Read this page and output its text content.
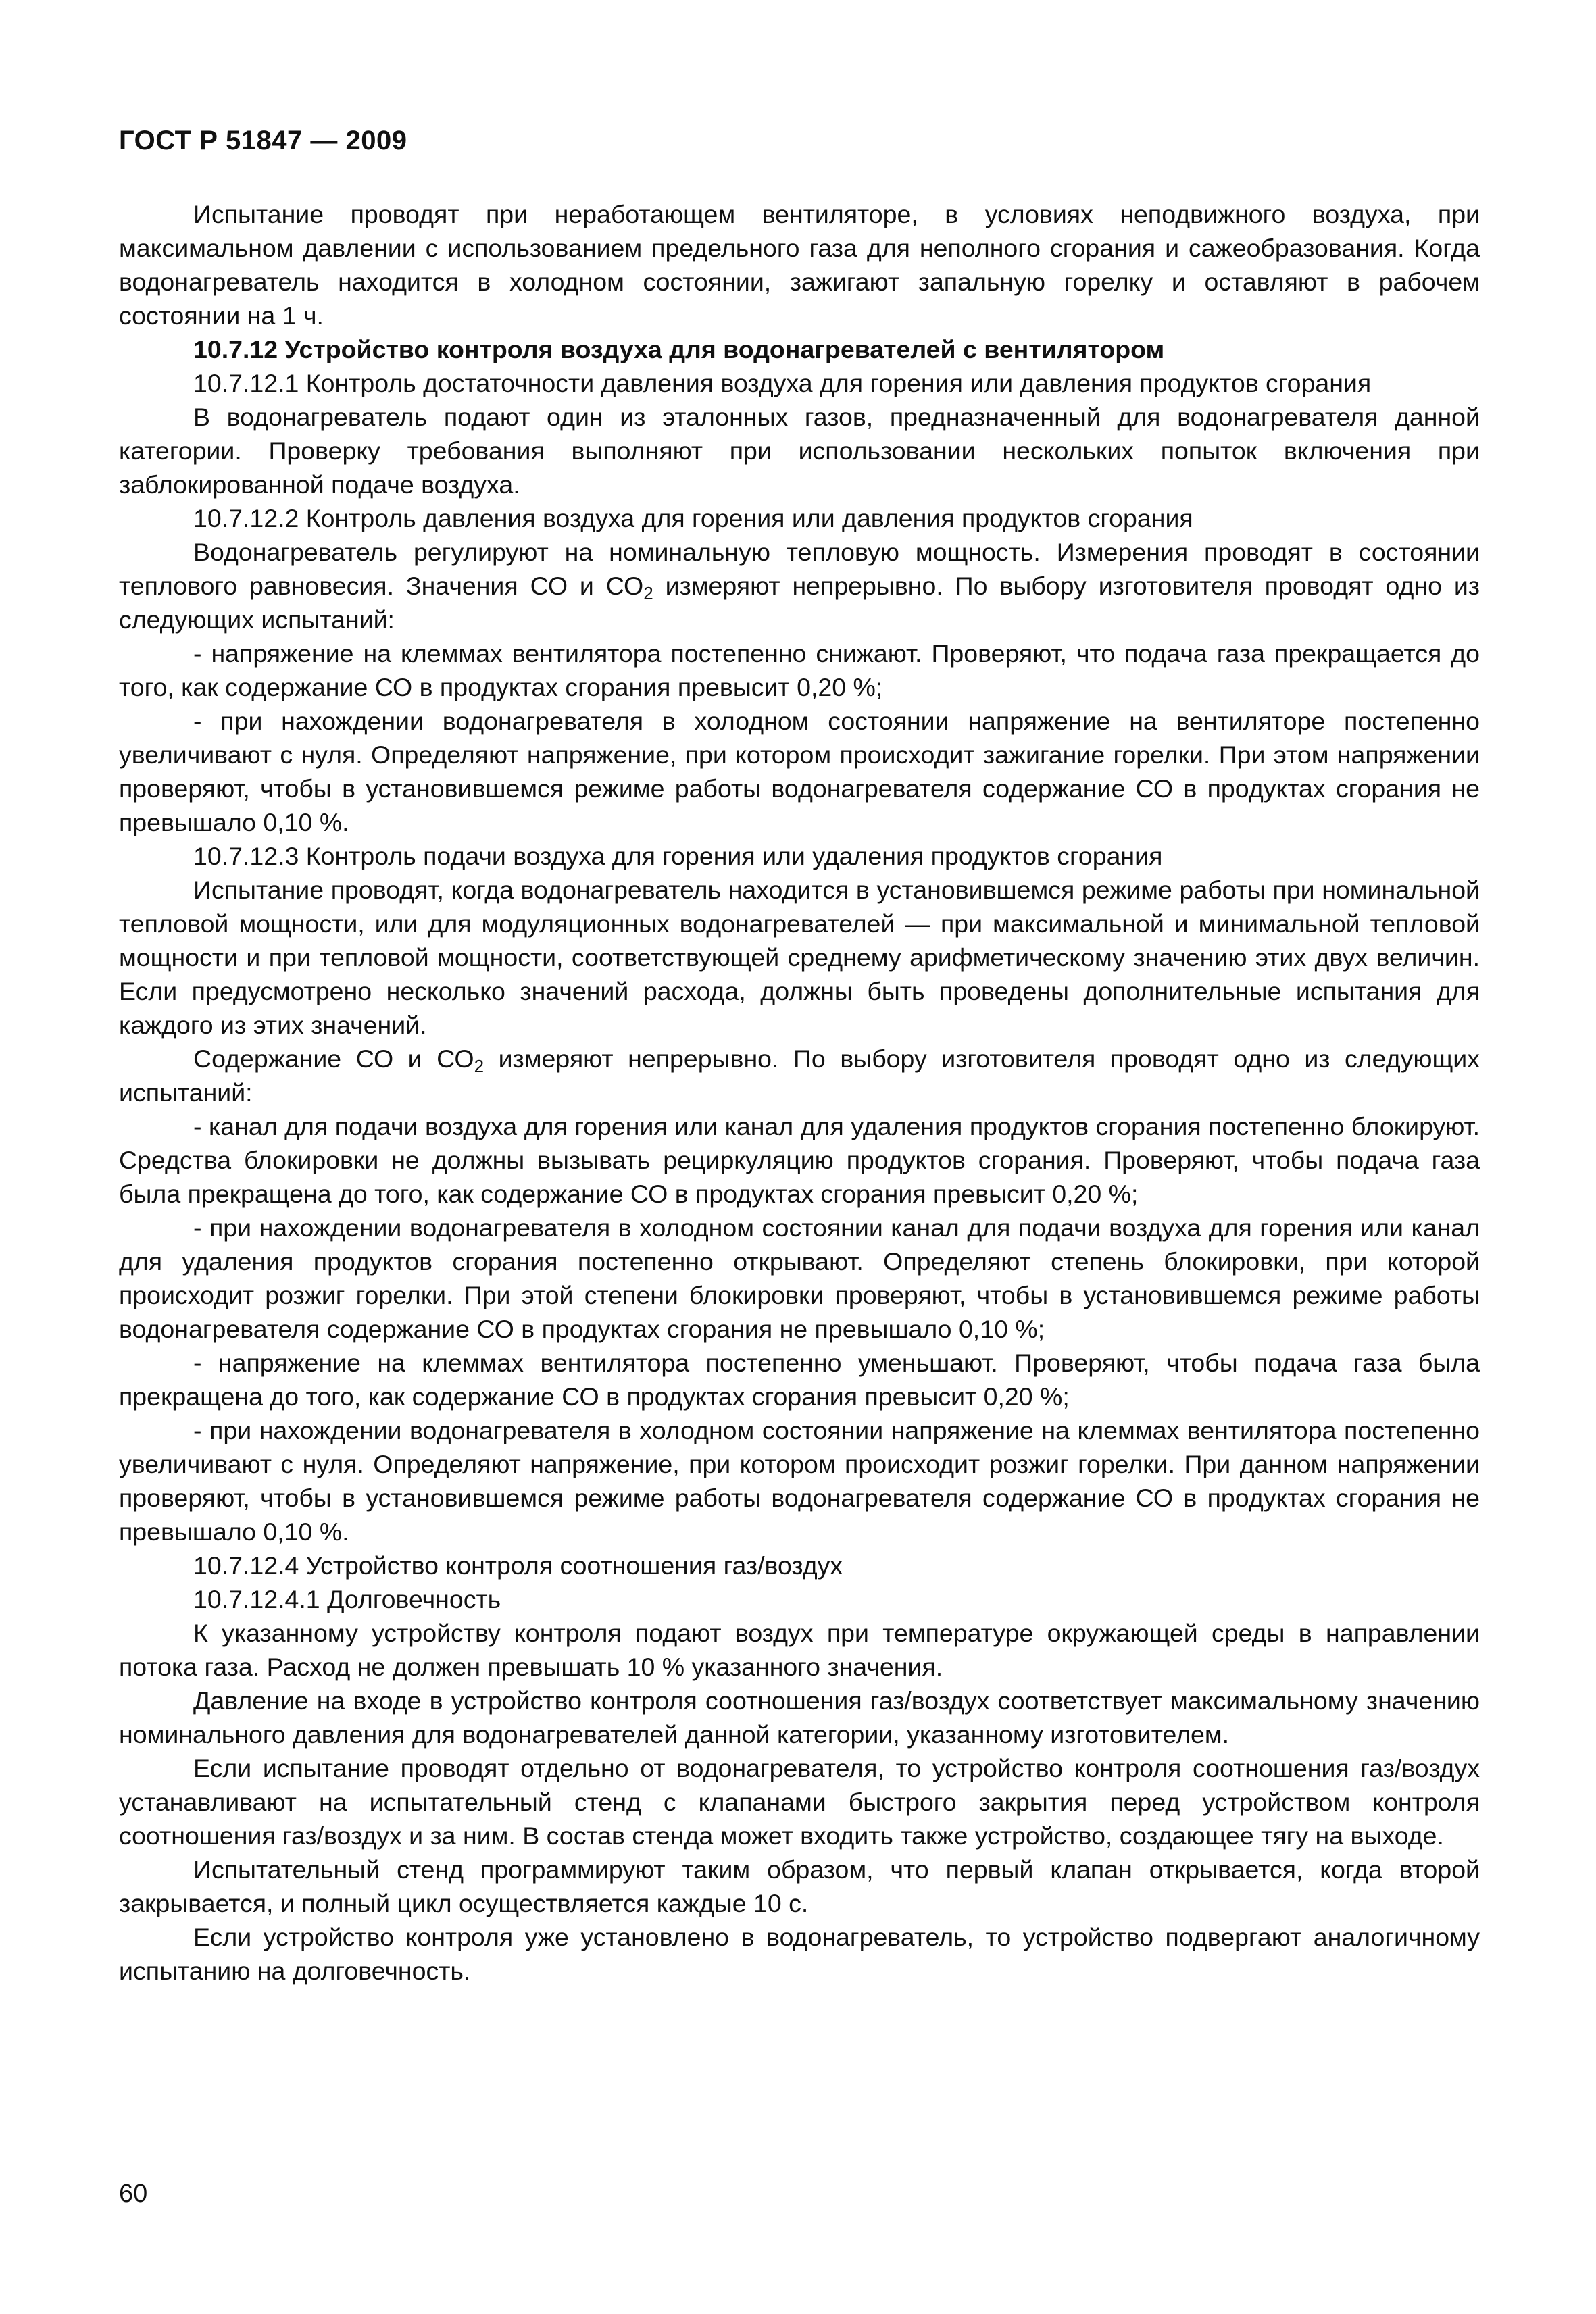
ГОСТ Р 51847 — 2009

Испытание проводят при неработающем вентиляторе, в условиях неподвижного воздуха, при максимальном давлении с использованием предельного газа для неполного сгорания и сажеобразования. Когда водонагреватель находится в холодном состоянии, зажигают запальную горелку и оставляют в рабочем состоянии на 1 ч.

10.7.12 Устройство контроля воздуха для водонагревателей с вентилятором

10.7.12.1 Контроль достаточности давления воздуха для горения или давления продуктов сгорания

В водонагреватель подают один из эталонных газов, предназначенный для водонагревателя данной категории. Проверку требования выполняют при использовании нескольких попыток включения при заблокированной подаче воздуха.

10.7.12.2 Контроль давления воздуха для горения или давления продуктов сгорания

Водонагреватель регулируют на номинальную тепловую мощность. Измерения проводят в состоянии теплового равновесия. Значения СО и $СО_2$ измеряют непрерывно. По выбору изготовителя проводят одно из следующих испытаний:

- напряжение на клеммах вентилятора постепенно снижают. Проверяют, что подача газа прекращается до того, как содержание СО в продуктах сгорания превысит 0,20 %;

- при нахождении водонагревателя в холодном состоянии напряжение на вентиляторе постепенно увеличивают с нуля. Определяют напряжение, при котором происходит зажигание горелки. При этом напряжении проверяют, чтобы в установившемся режиме работы водонагревателя содержание СО в продуктах сгорания не превышало 0,10 %.

10.7.12.3 Контроль подачи воздуха для горения или удаления продуктов сгорания

Испытание проводят, когда водонагреватель находится в установившемся режиме работы при номинальной тепловой мощности, или для модуляционных водонагревателей — при максимальной и минимальной тепловой мощности и при тепловой мощности, соответствующей среднему арифметическому значению этих двух величин. Если предусмотрено несколько значений расхода, должны быть проведены дополнительные испытания для каждого из этих значений.

Содержание СО и $СО_2$ измеряют непрерывно. По выбору изготовителя проводят одно из следующих испытаний:

- канал для подачи воздуха для горения или канал для удаления продуктов сгорания постепенно блокируют. Средства блокировки не должны вызывать рециркуляцию продуктов сгорания. Проверяют, чтобы подача газа была прекращена до того, как содержание СО в продуктах сгорания превысит 0,20 %;

- при нахождении водонагревателя в холодном состоянии канал для подачи воздуха для горения или канал для удаления продуктов сгорания постепенно открывают. Определяют степень блокировки, при которой происходит розжиг горелки. При этой степени блокировки проверяют, чтобы в установившемся режиме работы водонагревателя содержание СО в продуктах сгорания не превышало 0,10 %;

- напряжение на клеммах вентилятора постепенно уменьшают. Проверяют, чтобы подача газа была прекращена до того, как содержание СО в продуктах сгорания превысит 0,20 %;

- при нахождении водонагревателя в холодном состоянии напряжение на клеммах вентилятора постепенно увеличивают с нуля. Определяют напряжение, при котором происходит розжиг горелки. При данном напряжении проверяют, чтобы в установившемся режиме работы водонагревателя содержание СО в продуктах сгорания не превышало 0,10 %.

10.7.12.4 Устройство контроля соотношения газ/воздух

10.7.12.4.1 Долговечность

К указанному устройству контроля подают воздух при температуре окружающей среды в направлении потока газа. Расход не должен превышать 10 % указанного значения.

Давление на входе в устройство контроля соотношения газ/воздух соответствует максимальному значению номинального давления для водонагревателей данной категории, указанному изготовителем.

Если испытание проводят отдельно от водонагревателя, то устройство контроля соотношения газ/воздух устанавливают на испытательный стенд с клапанами быстрого закрытия перед устройством контроля соотношения газ/воздух и за ним. В состав стенда может входить также устройство, создающее тягу на выходе.

Испытательный стенд программируют таким образом, что первый клапан открывается, когда второй закрывается, и полный цикл осуществляется каждые 10 с.

Если устройство контроля уже установлено в водонагреватель, то устройство подвергают аналогичному испытанию на долговечность.

60
